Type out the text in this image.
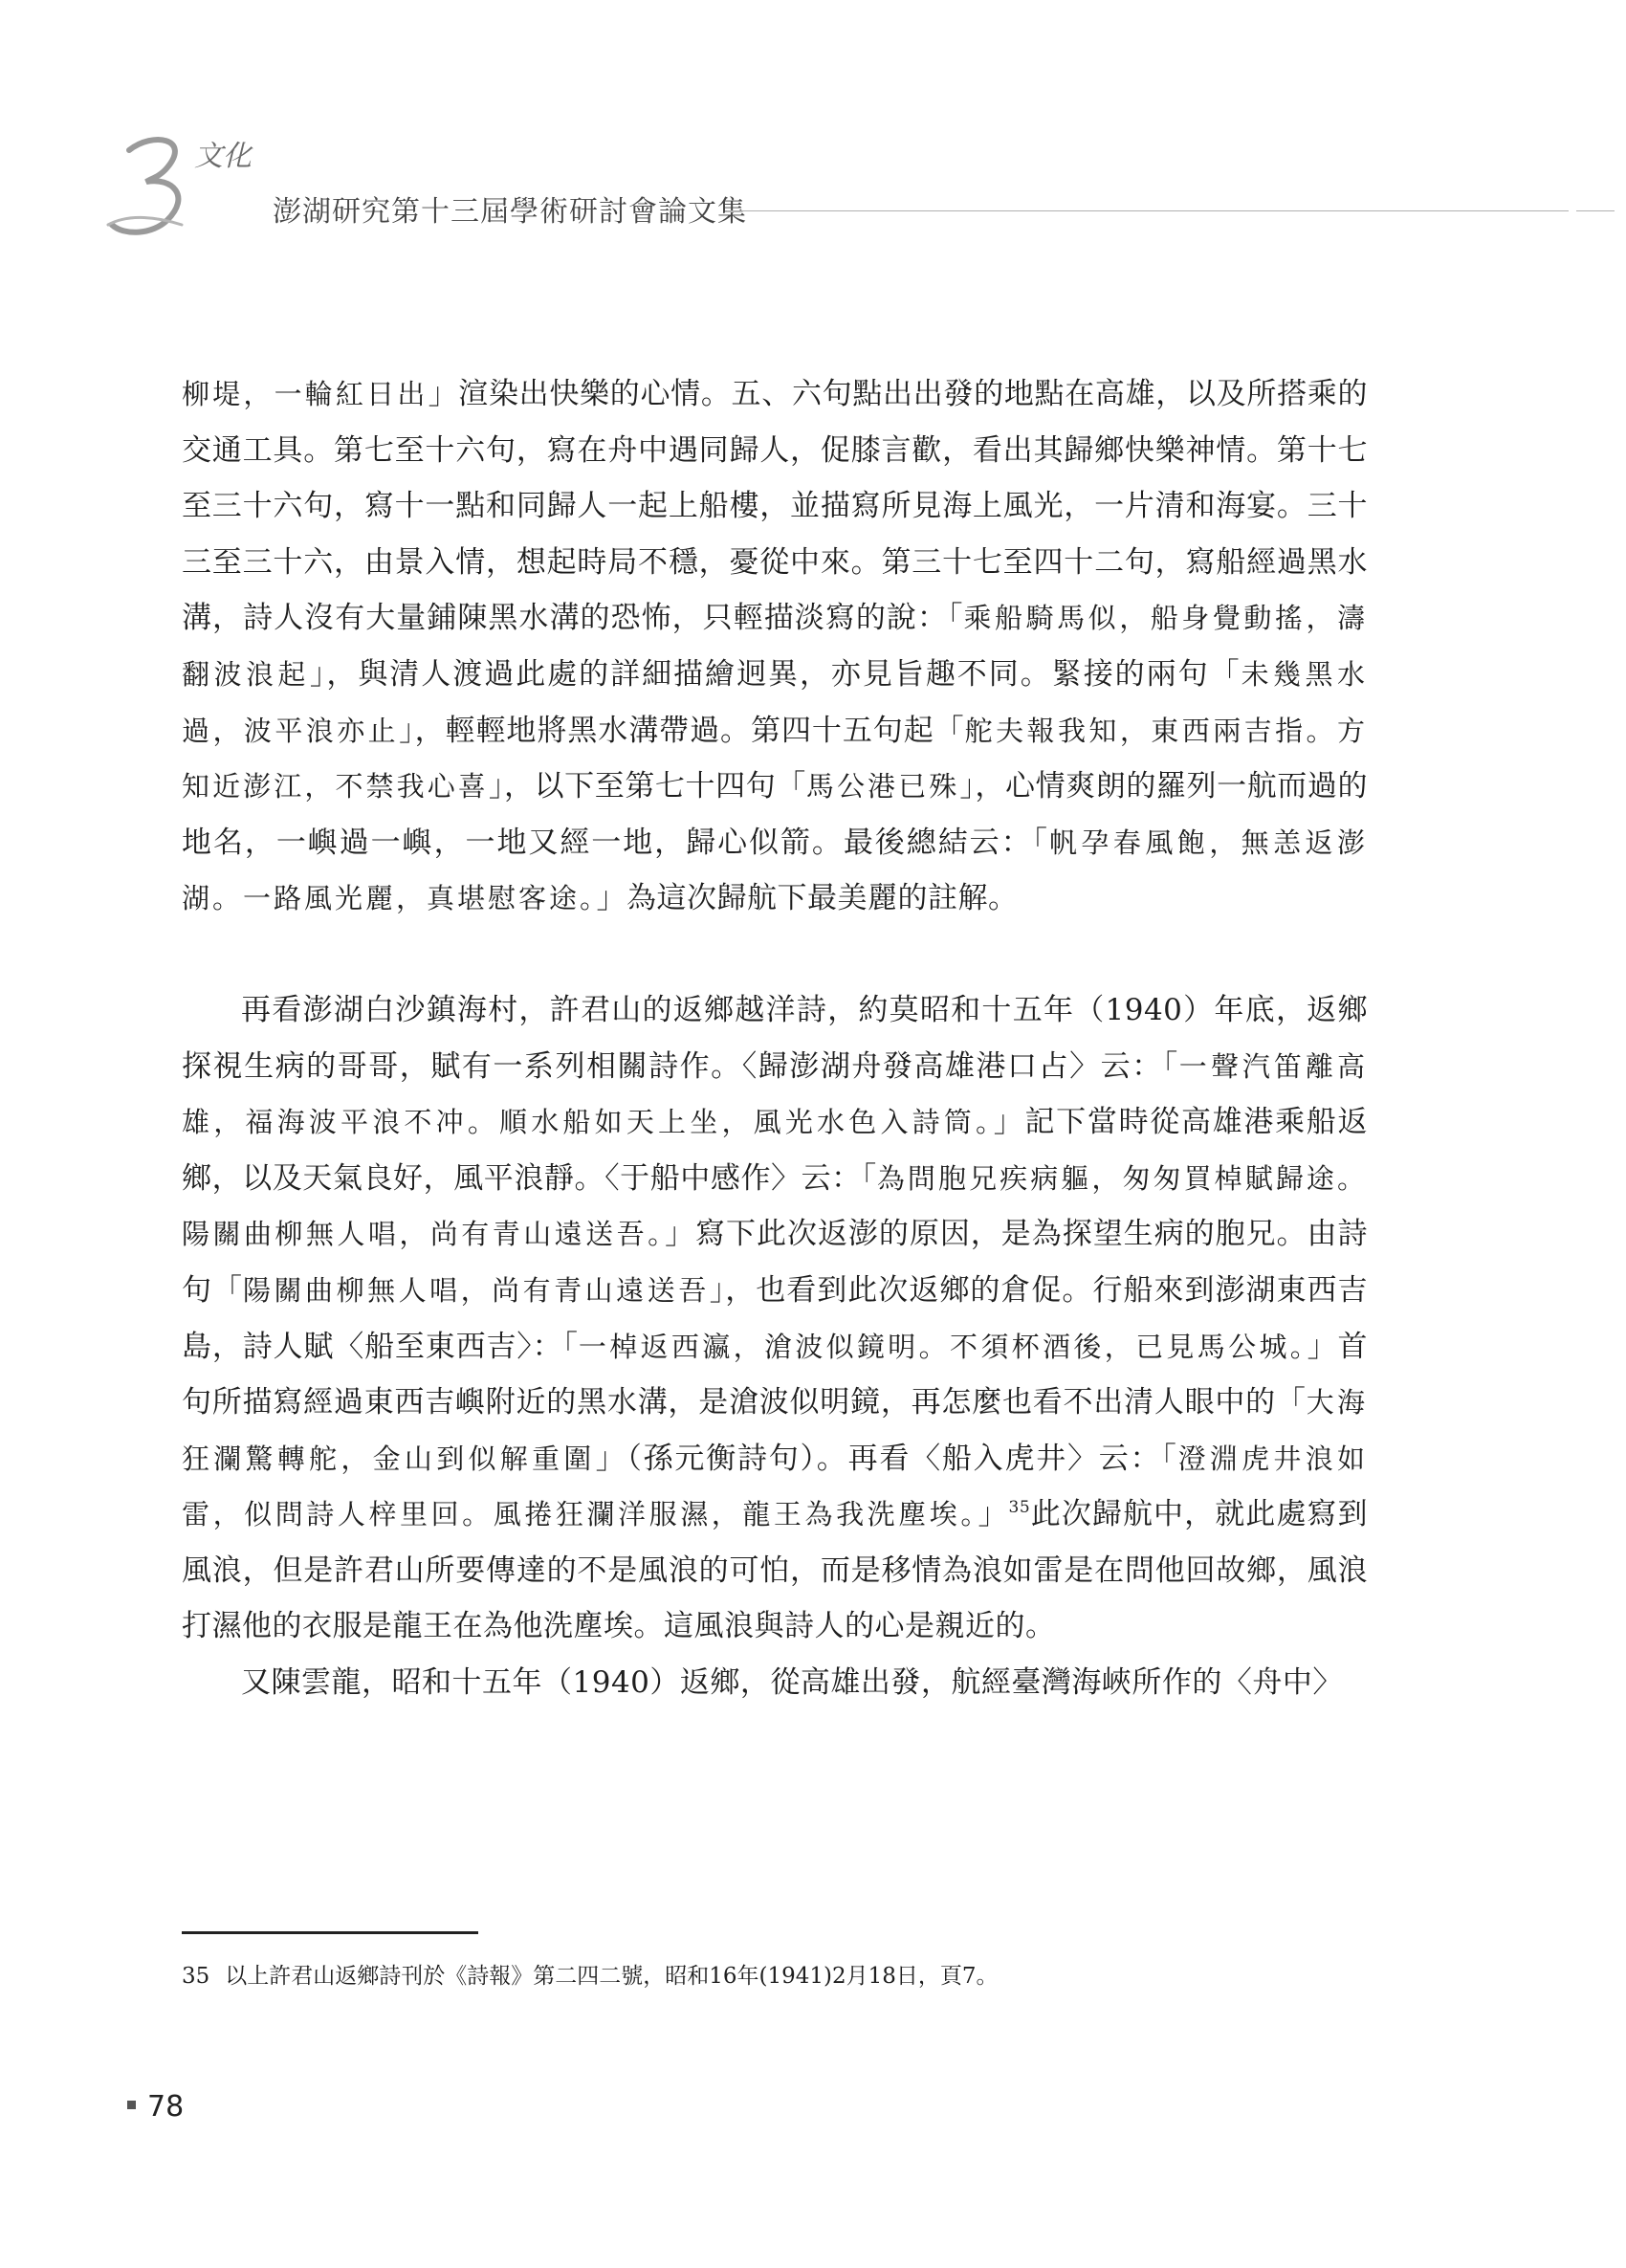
文化
澎湖研究第十三屆學術研討會論文集

柳堤，一輪紅日出」渲染出快樂的心情。五、六句點出出發的地點在高雄，以及所搭乘的交通工具。第七至十六句，寫在舟中遇同歸人，促膝言歡，看出其歸鄉快樂神情。第十七至三十六句，寫十一點和同歸人一起上船樓，並描寫所見海上風光，一片清和海宴。三十三至三十六，由景入情，想起時局不穩，憂從中來。第三十七至四十二句，寫船經過黑水溝，詩人沒有大量鋪陳黑水溝的恐怖，只輕描淡寫的說：「乘船騎馬似，船身覺動搖，濤翻波浪起」，與清人渡過此處的詳細描繪迥異，亦見旨趣不同。緊接的兩句「未幾黑水過，波平浪亦止」，輕輕地將黑水溝帶過。第四十五句起「舵夫報我知，東西兩吉指。方知近澎江，不禁我心喜」，以下至第七十四句「馬公港已殊」，心情爽朗的羅列一航而過的地名，一嶼過一嶼，一地又經一地，歸心似箭。最後總結云：「帆孕春風飽，無恙返澎湖。一路風光麗，真堪慰客途。」為這次歸航下最美麗的註解。

再看澎湖白沙鎮海村，許君山的返鄉越洋詩，約莫昭和十五年（1940）年底，返鄉探視生病的哥哥，賦有一系列相關詩作。〈歸澎湖舟發高雄港口占〉云：「一聲汽笛離高雄，福海波平浪不冲。順水船如天上坐，風光水色入詩筒。」記下當時從高雄港乘船返鄉，以及天氣良好，風平浪靜。〈于船中感作〉云：「為問胞兄疾病軀，匆匆買棹賦歸途。陽關曲柳無人唱，尚有青山遠送吾。」寫下此次返澎的原因，是為探望生病的胞兄。由詩句「陽關曲柳無人唱，尚有青山遠送吾」，也看到此次返鄉的倉促。行船來到澎湖東西吉島，詩人賦〈船至東西吉〉：「一棹返西瀛，滄波似鏡明。不須杯酒後，已見馬公城。」首句所描寫經過東西吉嶼附近的黑水溝，是滄波似明鏡，再怎麼也看不出清人眼中的「大海狂瀾驚轉舵，金山到似解重圍」（孫元衡詩句）。再看〈船入虎井〉云：「澄淵虎井浪如雷，似問詩人梓里回。風捲狂瀾洋服濕，龍王為我洗塵埃。」$^{35}$此次歸航中，就此處寫到風浪，但是許君山所要傳達的不是風浪的可怕，而是移情為浪如雷是在問他回故鄉，風浪打濕他的衣服是龍王在為他洗塵埃。這風浪與詩人的心是親近的。

又陳雲龍，昭和十五年（1940）返鄉，從高雄出發，航經臺灣海峽所作的〈舟中〉

35 以上許君山返鄉詩刊於《詩報》第二四二號，昭和16年(1941)2月18日，頁7。
78
